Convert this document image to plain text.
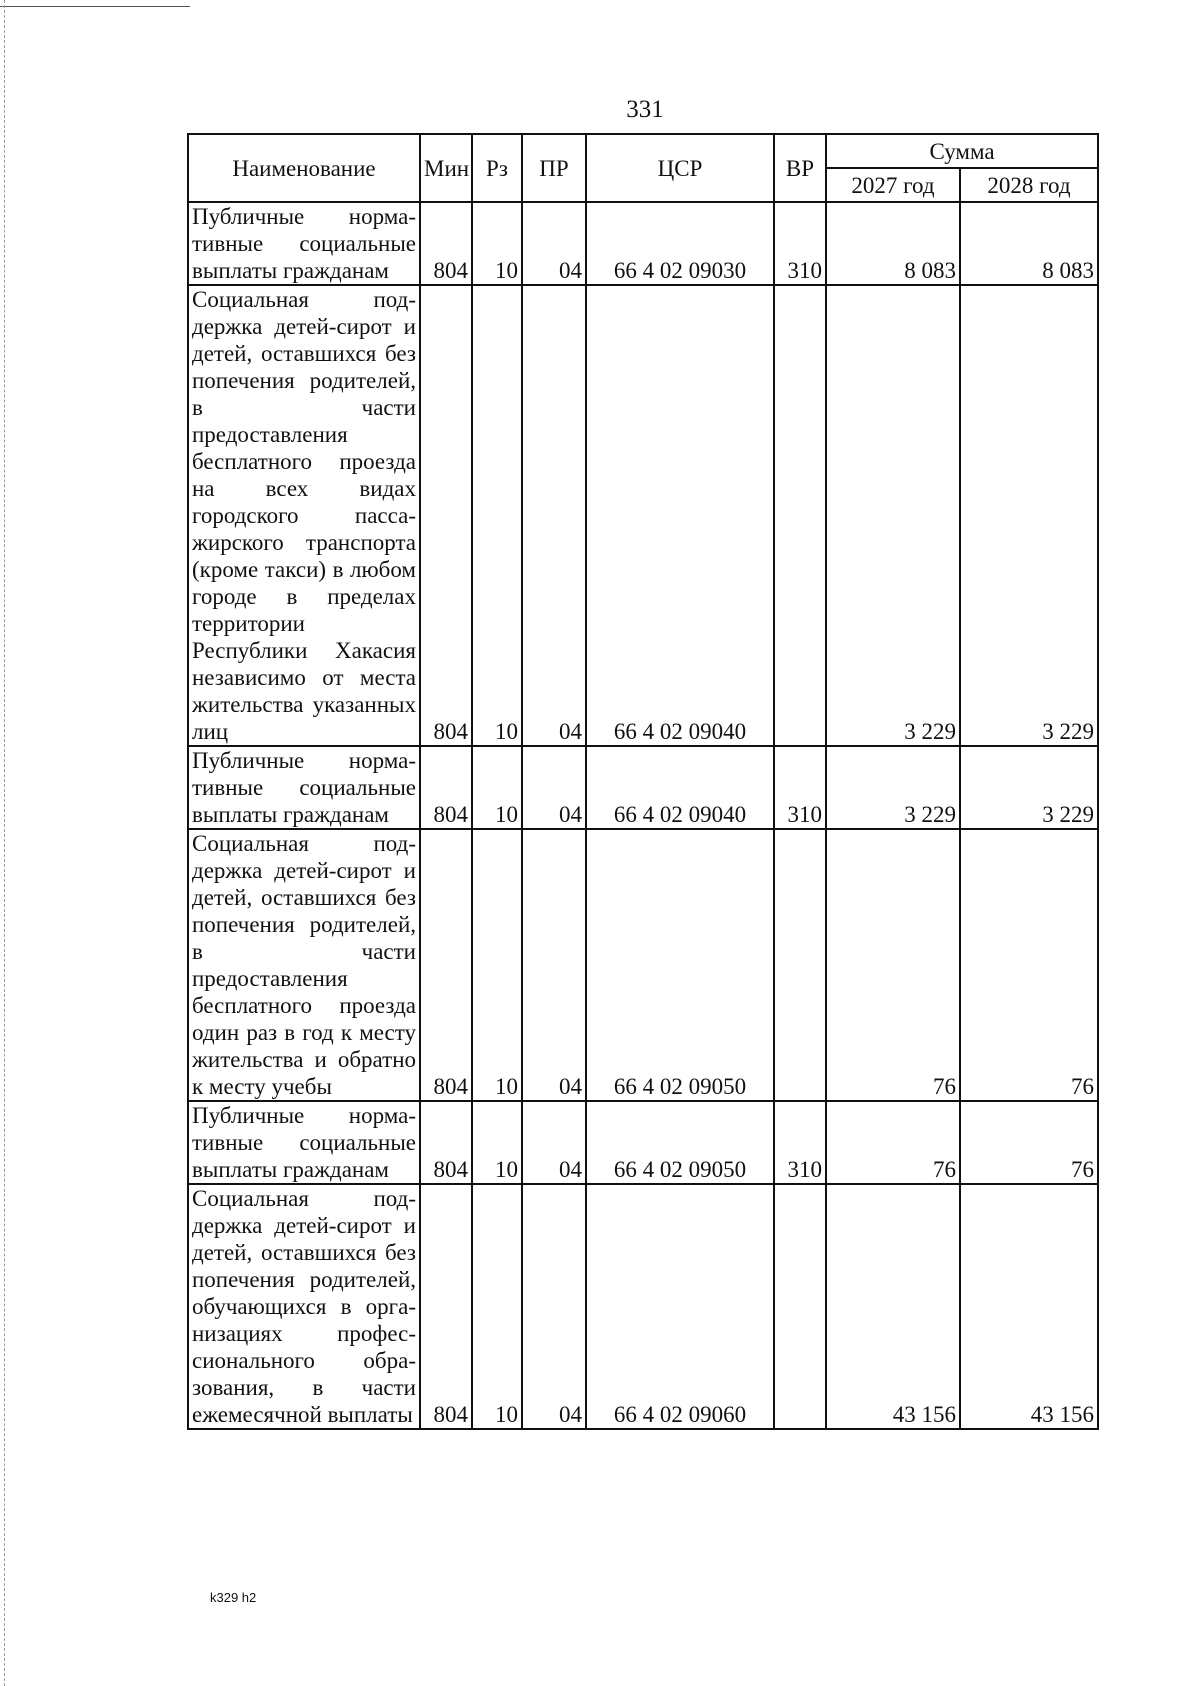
331
Наименование	Мин	Рз	ПР	ЦСР	ВР	Сумма	
						2027 год	2028 год
Публичные нормативные социальные выплаты гражданам	804	10	04	66 4 02 09030	310	8 083	8 083
Социальная поддержка детей-сирот и детей, оставшихся без попечения родителей, в части предоставления бесплатного проезда на всех видах городского пассажирского транспорта (кроме такси) в любом городе в пределах территории Республики Хакасия независимо от места жительства указанных лиц	804	10	04	66 4 02 09040		3 229	3 229
Публичные нормативные социальные выплаты гражданам	804	10	04	66 4 02 09040	310	3 229	3 229
Социальная поддержка детей-сирот и детей, оставшихся без попечения родителей, в части предоставления бесплатного проезда один раз в год к месту жительства и обратно к месту учебы	804	10	04	66 4 02 09050		76	76
Публичные нормативные социальные выплаты гражданам	804	10	04	66 4 02 09050	310	76	76
Социальная поддержка детей-сирот и детей, оставшихся без попечения родителей, обучающихся в организациях профессионального образования, в части ежемесячной выплаты	804	10	04	66 4 02 09060		43 156	43 156
k329 h2
